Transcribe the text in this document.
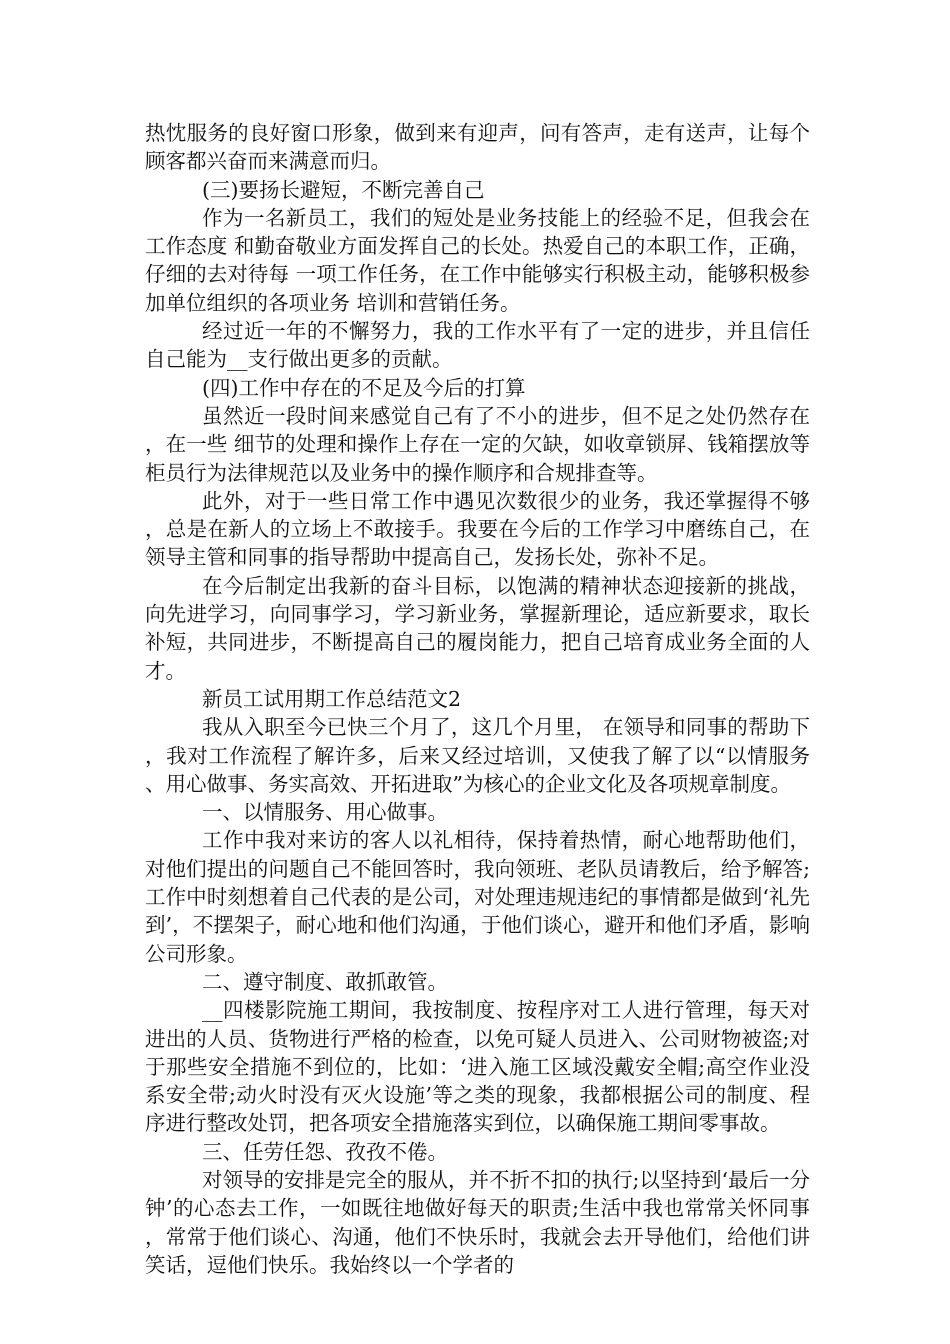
热忱服务的良好窗口形象，做到来有迎声，问有答声，走有送声，让每个顾客都兴奋而来满意而归。

(三)要扬长避短，不断完善自己

作为一名新员工，我们的短处是业务技能上的经验不足，但我会在工作态度 和勤奋敬业方面发挥自己的长处。热爱自己的本职工作，正确，仔细的去对待每 一项工作任务，在工作中能够实行积极主动，能够积极参加单位组织的各项业务 培训和营销任务。

经过近一年的不懈努力，我的工作水平有了一定的进步，并且信任自己能为__支行做出更多的贡献。

(四)工作中存在的不足及今后的打算

虽然近一段时间来感觉自己有了不小的进步，但不足之处仍然存在，在一些 细节的处理和操作上存在一定的欠缺，如收章锁屏、钱箱摆放等柜员行为法律规范以及业务中的操作顺序和合规排查等。

此外，对于一些日常工作中遇见次数很少的业务，我还掌握得不够，总是在新人的立场上不敢接手。我要在今后的工作学习中磨练自己，在领导主管和同事的指导帮助中提高自己，发扬长处，弥补不足。

在今后制定出我新的奋斗目标，以饱满的精神状态迎接新的挑战，向先进学习，向同事学习，学习新业务，掌握新理论，适应新要求，取长补短，共同进步，不断提高自己的履岗能力，把自己培育成业务全面的人才。

新员工试用期工作总结范文2

我从入职至今已快三个月了，这几个月里， 在领导和同事的帮助下，我对工作流程了解许多，后来又经过培训，又使我了解了以“以情服务、用心做事、务实高效、开拓进取”为核心的企业文化及各项规章制度。

一、以情服务、用心做事。

工作中我对来访的客人以礼相待，保持着热情，耐心地帮助他们，对他们提出的问题自己不能回答时，我向领班、老队员请教后，给予解答;工作中时刻想着自己代表的是公司，对处理违规违纪的事情都是做到‘礼先到’，不摆架子，耐心地和他们沟通，于他们谈心，避开和他们矛盾，影响公司形象。

二、遵守制度、敢抓敢管。

__四楼影院施工期间，我按制度、按程序对工人进行管理，每天对进出的人员、货物进行严格的检查，以免可疑人员进入、公司财物被盗;对于那些安全措施不到位的，比如：‘进入施工区域没戴安全帽;高空作业没系安全带;动火时没有灭火设施’等之类的现象，我都根据公司的制度、程序进行整改处罚，把各项安全措施落实到位，以确保施工期间零事故。

三、任劳任怨、孜孜不倦。

对领导的安排是完全的服从，并不折不扣的执行;以坚持到‘最后一分钟’的心态去工作，一如既往地做好每天的职责;生活中我也常常关怀同事，常常于他们谈心、沟通，他们不快乐时，我就会去开导他们，给他们讲笑话，逗他们快乐。我始终以一个学者的
